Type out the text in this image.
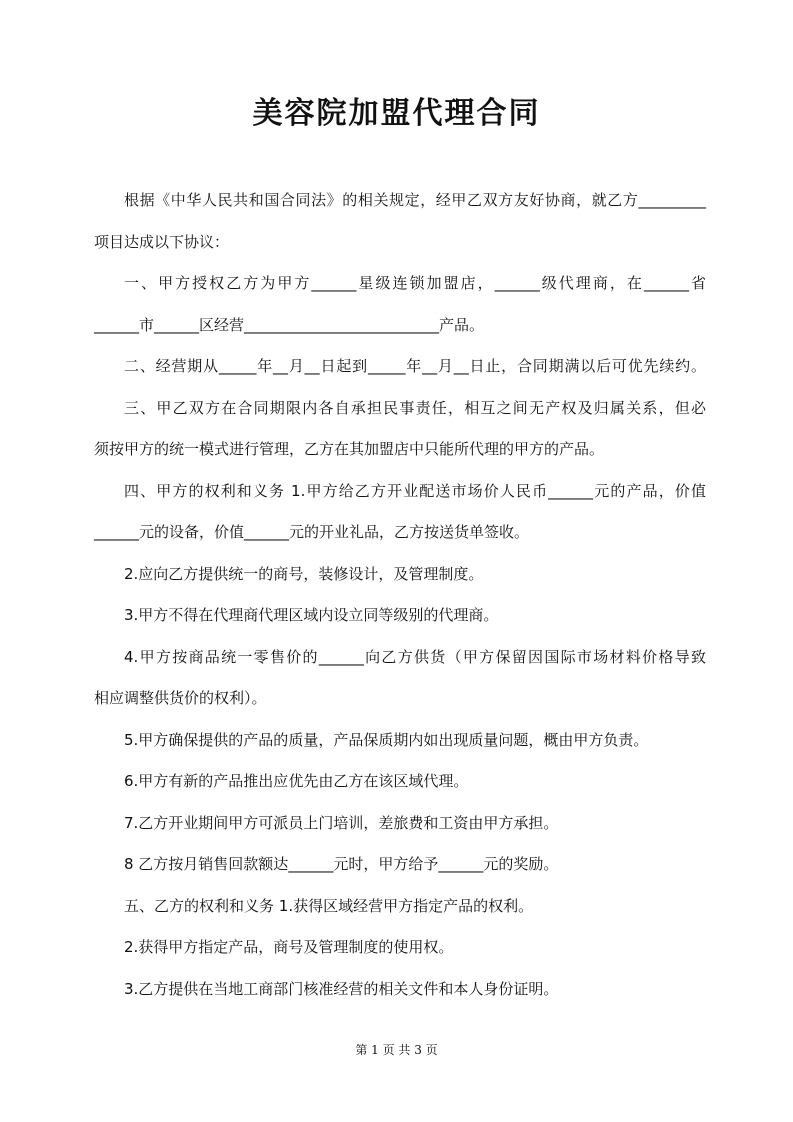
美容院加盟代理合同
根据《中华人民共和国合同法》的相关规定，经甲乙双方友好协商，就乙方_________
项目达成以下协议：
一、甲方授权乙方为甲方______星级连锁加盟店，______级代理商，在______省
______市______区经营__________________________产品。
二、经营期从_____年__月__日起到_____年__月__日止，合同期满以后可优先续约。
三、甲乙双方在合同期限内各自承担民事责任，相互之间无产权及归属关系，但必
须按甲方的统一模式进行管理，乙方在其加盟店中只能所代理的甲方的产品。
四、甲方的权利和义务 1.甲方给乙方开业配送市场价人民币______元的产品，价值
______元的设备，价值______元的开业礼品，乙方按送货单签收。
2.应向乙方提供统一的商号，装修设计，及管理制度。
3.甲方不得在代理商代理区域内设立同等级别的代理商。
4.甲方按商品统一零售价的______向乙方供货（甲方保留因国际市场材料价格导致
相应调整供货价的权利）。
5.甲方确保提供的产品的质量，产品保质期内如出现质量问题，概由甲方负责。
6.甲方有新的产品推出应优先由乙方在该区域代理。
7.乙方开业期间甲方可派员上门培训，差旅费和工资由甲方承担。
8 乙方按月销售回款额达______元时，甲方给予______元的奖励。
五、乙方的权利和义务 1.获得区域经营甲方指定产品的权利。
2.获得甲方指定产品，商号及管理制度的使用权。
3.乙方提供在当地工商部门核准经营的相关文件和本人身份证明。
第 1 页 共 3 页
